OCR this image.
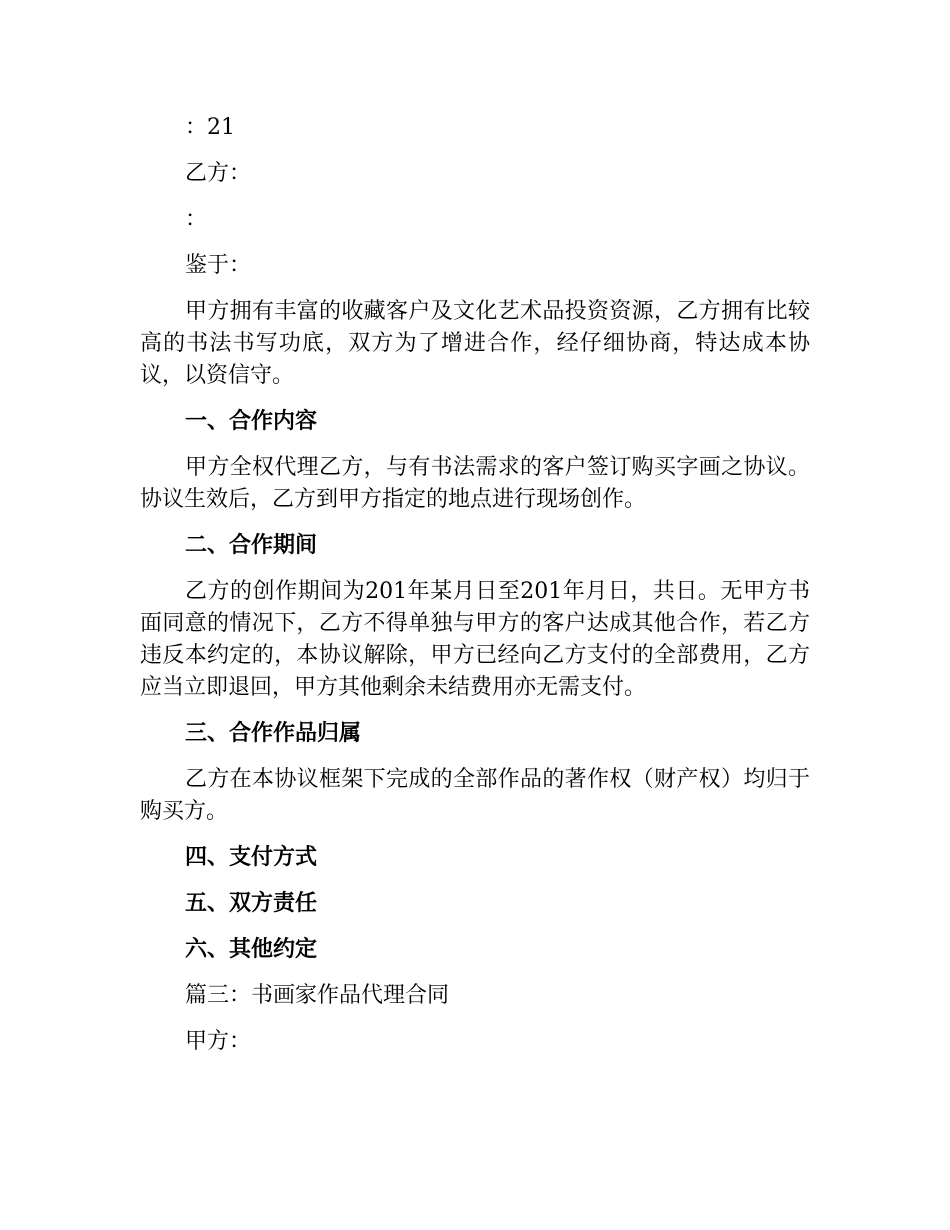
：21

乙方：

：

鉴于：

甲方拥有丰富的收藏客户及文化艺术品投资资源，乙方拥有比较高的书法书写功底，双方为了增进合作，经仔细协商，特达成本协议，以资信守。

一、合作内容

甲方全权代理乙方，与有书法需求的客户签订购买字画之协议。协议生效后，乙方到甲方指定的地点进行现场创作。

二、合作期间

乙方的创作期间为201年某月日至201年月日，共日。无甲方书面同意的情况下，乙方不得单独与甲方的客户达成其他合作，若乙方违反本约定的，本协议解除，甲方已经向乙方支付的全部费用，乙方应当立即退回，甲方其他剩余未结费用亦无需支付。

三、合作作品归属

乙方在本协议框架下完成的全部作品的著作权（财产权）均归于购买方。

四、支付方式

五、双方责任

六、其他约定

篇三：书画家作品代理合同

甲方：
